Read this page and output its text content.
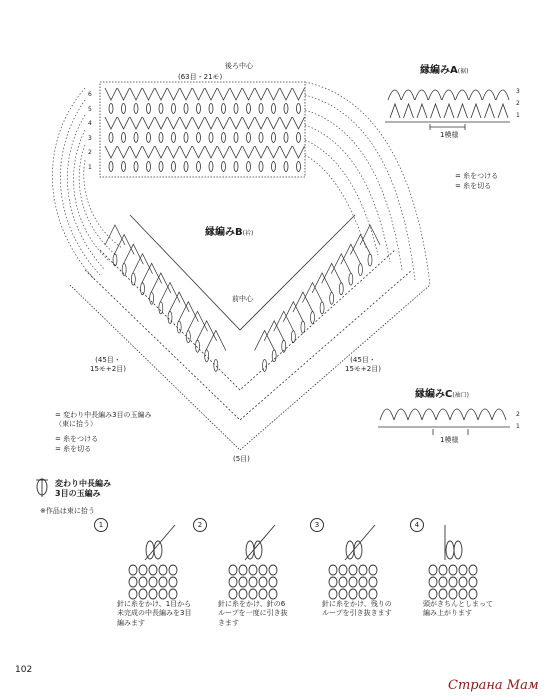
後ろ中心
(63目・21モ)
6
5
4
3
2
1
縁編みA(裾)
3
2
1
1模様
= 糸をつける
= 糸を切る
縁編みB(衿)
前中心
(45目・
15モ+2目)
(45目・
15モ+2目)
(5目)
縁編みC(袖口)
2
1
1模様
= 変わり中長編み3目の玉編み
（束に拾う）
= 糸をつける
= 糸を切る
変わり中長編み
3目の玉編み
※作品は束に拾う
1	2	3	4
針に糸をかけ、1目から
未完成の中長編みを3目
編みます
針に糸をかけ、針の6
ループを一度に引き抜
きます
針に糸をかけ、残りの
ループを引き抜きます
頭がきちんとしまって
編み上がります
102
Страна Мам
